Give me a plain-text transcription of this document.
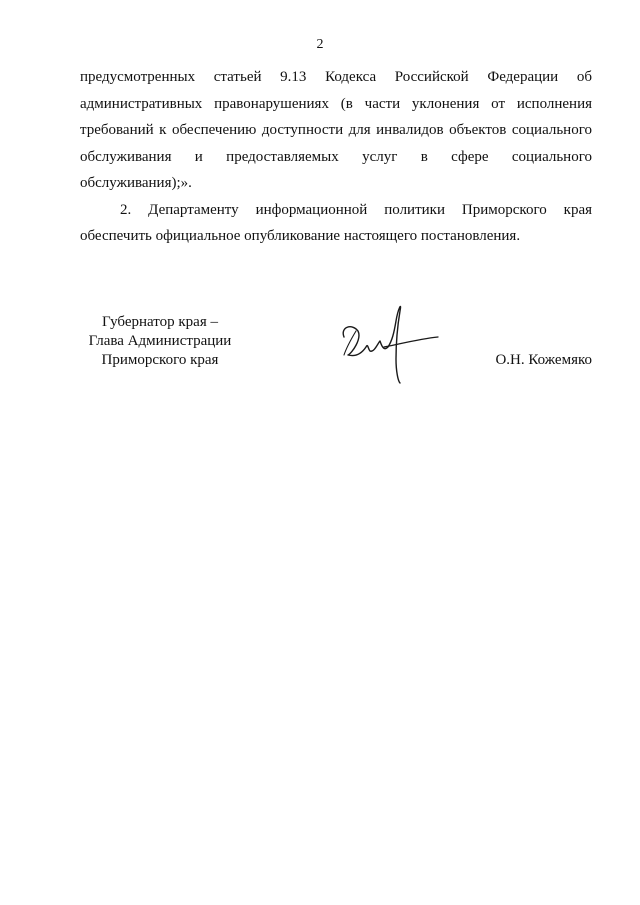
2

предусмотренных статьей 9.13 Кодекса Российской Федерации об
административных правонарушениях (в части уклонения от исполнения
требований к обеспечению доступности для инвалидов объектов социального
обслуживания и предоставляемых услуг в сфере социального
обслуживания);».

2. Департаменту информационной политики Приморского края
обеспечить официальное опубликование настоящего постановления.

Губернатор края –
Глава Администрации
Приморского края	О.Н. Кожемяко
